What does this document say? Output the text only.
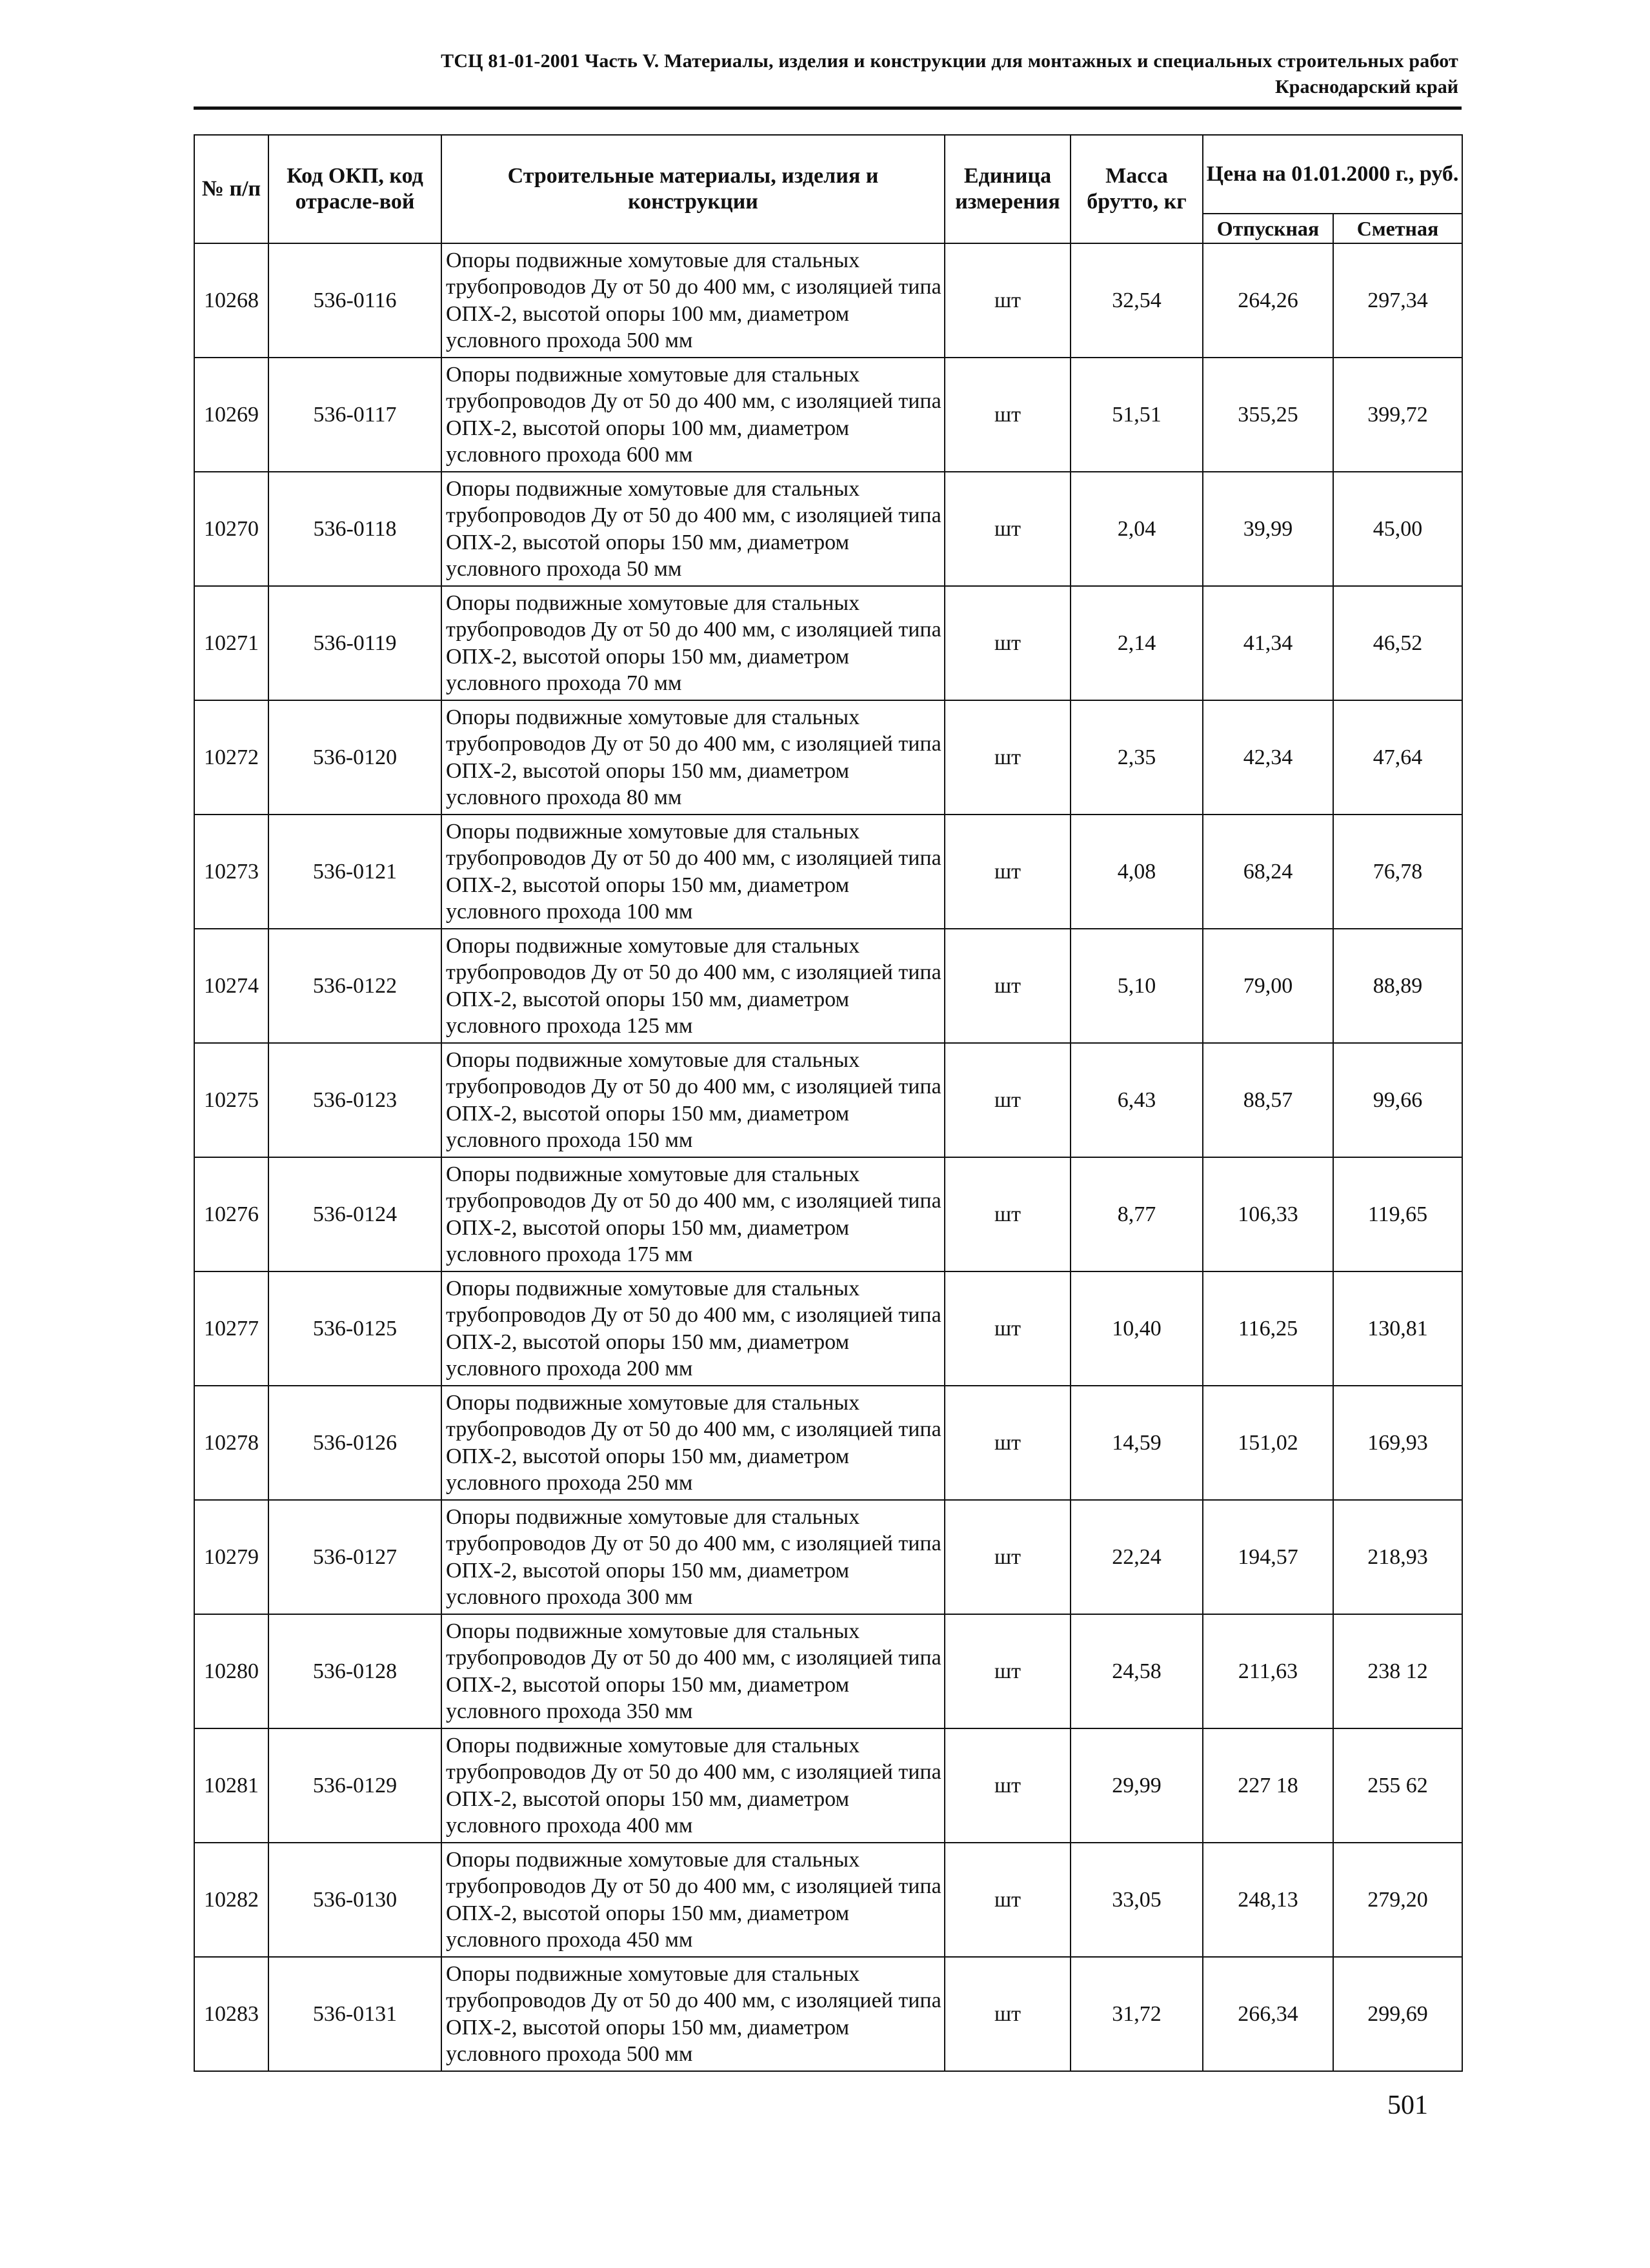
ТСЦ 81-01-2001 Часть V. Материалы, изделия и конструкции для монтажных и специальных строительных работ
Краснодарский край
№ п/п	Код ОКП, код отрасле-вой	Строительные материалы, изделия и конструкции	Единица измерения	Масса брутто, кг	Цена на 01.01.2000 г., руб.	
					Отпускная	Сметная
10268	536-0116	Опоры подвижные хомутовые для стальных трубопроводов Ду от 50 до 400 мм, с изоляцией типа ОПХ-2, высотой опоры 100 мм, диаметром условного прохода 500 мм	шт	32,54	264,26	297,34
10269	536-0117	Опоры подвижные хомутовые для стальных трубопроводов Ду от 50 до 400 мм, с изоляцией типа ОПХ-2, высотой опоры 100 мм, диаметром условного прохода 600 мм	шт	51,51	355,25	399,72
10270	536-0118	Опоры подвижные хомутовые для стальных трубопроводов Ду от 50 до 400 мм, с изоляцией типа ОПХ-2, высотой опоры 150 мм, диаметром условного прохода 50 мм	шт	2,04	39,99	45,00
10271	536-0119	Опоры подвижные хомутовые для стальных трубопроводов Ду от 50 до 400 мм, с изоляцией типа ОПХ-2, высотой опоры 150 мм, диаметром условного прохода 70 мм	шт	2,14	41,34	46,52
10272	536-0120	Опоры подвижные хомутовые для стальных трубопроводов Ду от 50 до 400 мм, с изоляцией типа ОПХ-2, высотой опоры 150 мм, диаметром условного прохода 80 мм	шт	2,35	42,34	47,64
10273	536-0121	Опоры подвижные хомутовые для стальных трубопроводов Ду от 50 до 400 мм, с изоляцией типа ОПХ-2, высотой опоры 150 мм, диаметром условного прохода 100 мм	шт	4,08	68,24	76,78
10274	536-0122	Опоры подвижные хомутовые для стальных трубопроводов Ду от 50 до 400 мм, с изоляцией типа ОПХ-2, высотой опоры 150 мм, диаметром условного прохода 125 мм	шт	5,10	79,00	88,89
10275	536-0123	Опоры подвижные хомутовые для стальных трубопроводов Ду от 50 до 400 мм, с изоляцией типа ОПХ-2, высотой опоры 150 мм, диаметром условного прохода 150 мм	шт	6,43	88,57	99,66
10276	536-0124	Опоры подвижные хомутовые для стальных трубопроводов Ду от 50 до 400 мм, с изоляцией типа ОПХ-2, высотой опоры 150 мм, диаметром условного прохода 175 мм	шт	8,77	106,33	119,65
10277	536-0125	Опоры подвижные хомутовые для стальных трубопроводов Ду от 50 до 400 мм, с изоляцией типа ОПХ-2, высотой опоры 150 мм, диаметром условного прохода 200 мм	шт	10,40	116,25	130,81
10278	536-0126	Опоры подвижные хомутовые для стальных трубопроводов Ду от 50 до 400 мм, с изоляцией типа ОПХ-2, высотой опоры 150 мм, диаметром условного прохода 250 мм	шт	14,59	151,02	169,93
10279	536-0127	Опоры подвижные хомутовые для стальных трубопроводов Ду от 50 до 400 мм, с изоляцией типа ОПХ-2, высотой опоры 150 мм, диаметром условного прохода 300 мм	шт	22,24	194,57	218,93
10280	536-0128	Опоры подвижные хомутовые для стальных трубопроводов Ду от 50 до 400 мм, с изоляцией типа ОПХ-2, высотой опоры 150 мм, диаметром условного прохода 350 мм	шт	24,58	211,63	238 12
10281	536-0129	Опоры подвижные хомутовые для стальных трубопроводов Ду от 50 до 400 мм, с изоляцией типа ОПХ-2, высотой опоры 150 мм, диаметром условного прохода 400 мм	шт	29,99	227 18	255 62
10282	536-0130	Опоры подвижные хомутовые для стальных трубопроводов Ду от 50 до 400 мм, с изоляцией типа ОПХ-2, высотой опоры 150 мм, диаметром условного прохода 450 мм	шт	33,05	248,13	279,20
10283	536-0131	Опоры подвижные хомутовые для стальных трубопроводов Ду от 50 до 400 мм, с изоляцией типа ОПХ-2, высотой опоры 150 мм, диаметром условного прохода 500 мм	шт	31,72	266,34	299,69
501
